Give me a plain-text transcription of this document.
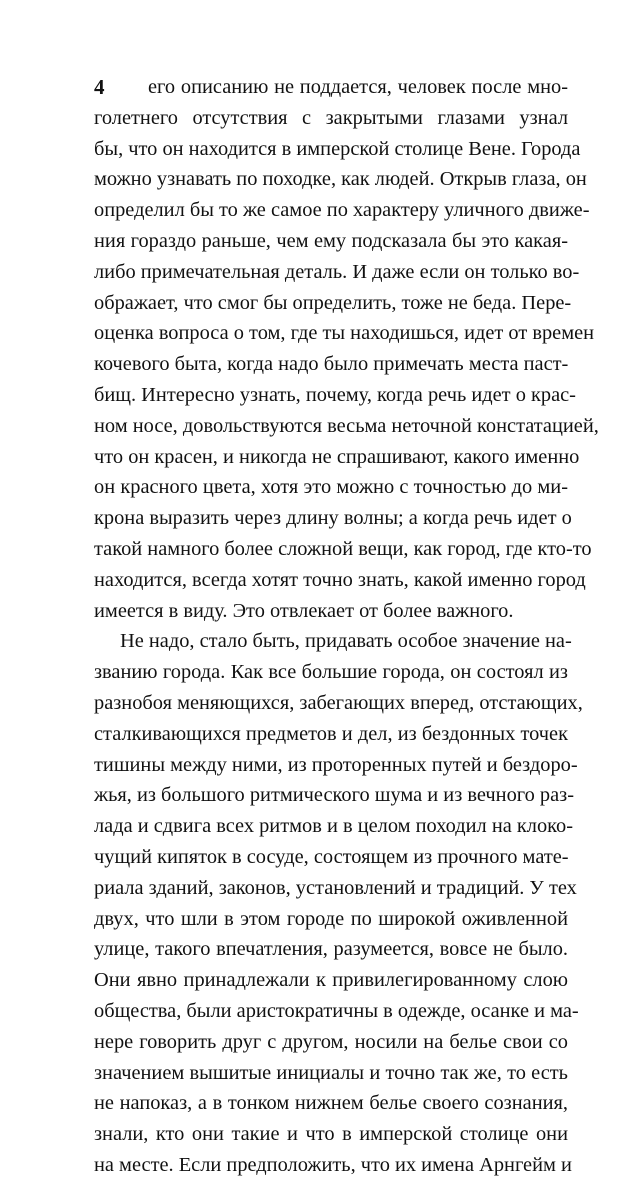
4	его описанию не поддается, человек после мно-
голетнего отсутствия с закрытыми глазами узнал
бы, что он находится в имперской столице Вене. Города
можно узнавать по походке, как людей. Открыв глаза, он
определил бы то же самое по характеру уличного движе-
ния гораздо раньше, чем ему подсказала бы это какая-
либо примечательная деталь. И даже если он только во-
ображает, что смог бы определить, тоже не беда. Пере-
оценка вопроса о том, где ты находишься, идет от времен
кочевого быта, когда надо было примечать места паст-
бищ. Интересно узнать, почему, когда речь идет о крас-
ном носе, довольствуются весьма неточной констатацией,
что он красен, и никогда не спрашивают, какого именно
он красного цвета, хотя это можно с точностью до ми-
крона выразить через длину волны; а когда речь идет о
такой намного более сложной вещи, как город, где кто-то
находится, всегда хотят точно знать, какой именно город
имеется в виду. Это отвлекает от более важного.
Не надо, стало быть, придавать особое значение на-
званию города. Как все большие города, он состоял из
разнобоя меняющихся, забегающих вперед, отстающих,
сталкивающихся предметов и дел, из бездонных точек
тишины между ними, из проторенных путей и бездоро-
жья, из большого ритмического шума и из вечного раз-
лада и сдвига всех ритмов и в целом походил на клоко-
чущий кипяток в сосуде, состоящем из прочного мате-
риала зданий, законов, установлений и традиций. У тех
двух, что шли в этом городе по широкой оживленной
улице, такого впечатления, разумеется, вовсе не было.
Они явно принадлежали к привилегированному слою
общества, были аристократичны в одежде, осанке и ма-
нере говорить друг с другом, носили на белье свои со
значением вышитые инициалы и точно так же, то есть
не напоказ, а в тонком нижнем белье своего сознания,
знали, кто они такие и что в имперской столице они
на месте. Если предположить, что их имена Арнгейм и
